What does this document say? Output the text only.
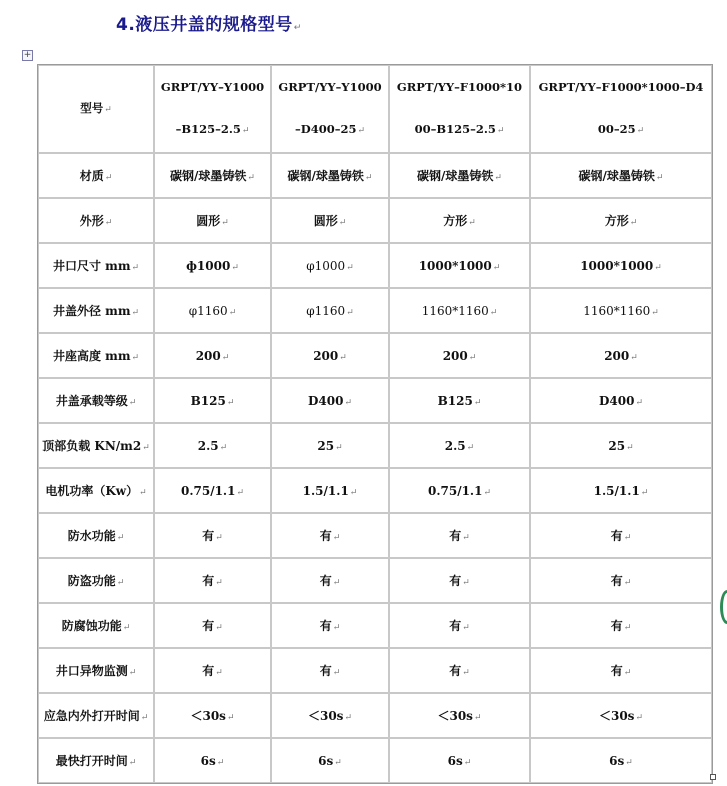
4.液压井盖的规格型号↵
+
型号↵	GRPT/YY–Y1000
–B125–2.5↵	GRPT/YY–Y1000
–D400–25↵	GRPT/YY–F1000*10
00–B125–2.5↵	GRPT/YY–F1000*1000–D4
00–25↵
材质↵	碳钢/球墨铸铁↵	碳钢/球墨铸铁↵	碳钢/球墨铸铁↵	碳钢/球墨铸铁↵
外形↵	圆形↵	圆形↵	方形↵	方形↵
井口尺寸 mm↵	ф1000↵	φ1000↵	1000*1000↵	1000*1000↵
井盖外径 mm↵	φ1160↵	φ1160↵	1160*1160↵	1160*1160↵
井座高度 mm↵	200↵	200↵	200↵	200↵
井盖承载等级↵	B125↵	D400↵	B125↵	D400↵
顶部负载 KN/m2↵	2.5↵	25↵	2.5↵	25↵
电机功率（Kw）↵	0.75/1.1↵	1.5/1.1↵	0.75/1.1↵	1.5/1.1↵
防水功能↵	有↵	有↵	有↵	有↵
防盗功能↵	有↵	有↵	有↵	有↵
防腐蚀功能↵	有↵	有↵	有↵	有↵
井口异物监测↵	有↵	有↵	有↵	有↵
应急内外打开时间↵	＜30s↵	＜30s↵	＜30s↵	＜30s↵
最快打开时间↵	6s↵	6s↵	6s↵	6s↵
